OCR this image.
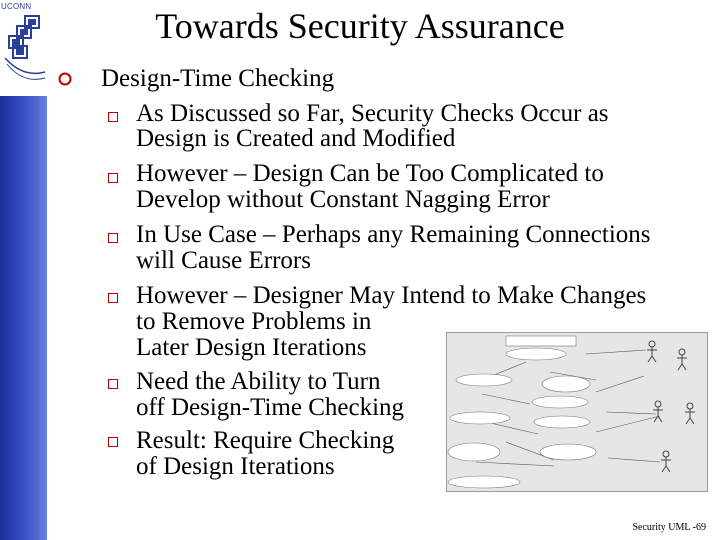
UCONN	Towards Security Assurance
Design-Time Checking
As Discussed so Far, Security Checks Occur as
Design is Created and Modified
However – Design Can be Too Complicated to
Develop without Constant Nagging Error
In Use Case – Perhaps any Remaining Connections
will Cause Errors
However – Designer May Intend to Make Changes
to Remove Problems in
Later Design Iterations
Need the Ability to Turn
off Design-Time Checking
Result: Require Checking
of Design Iterations
Security UML -69
